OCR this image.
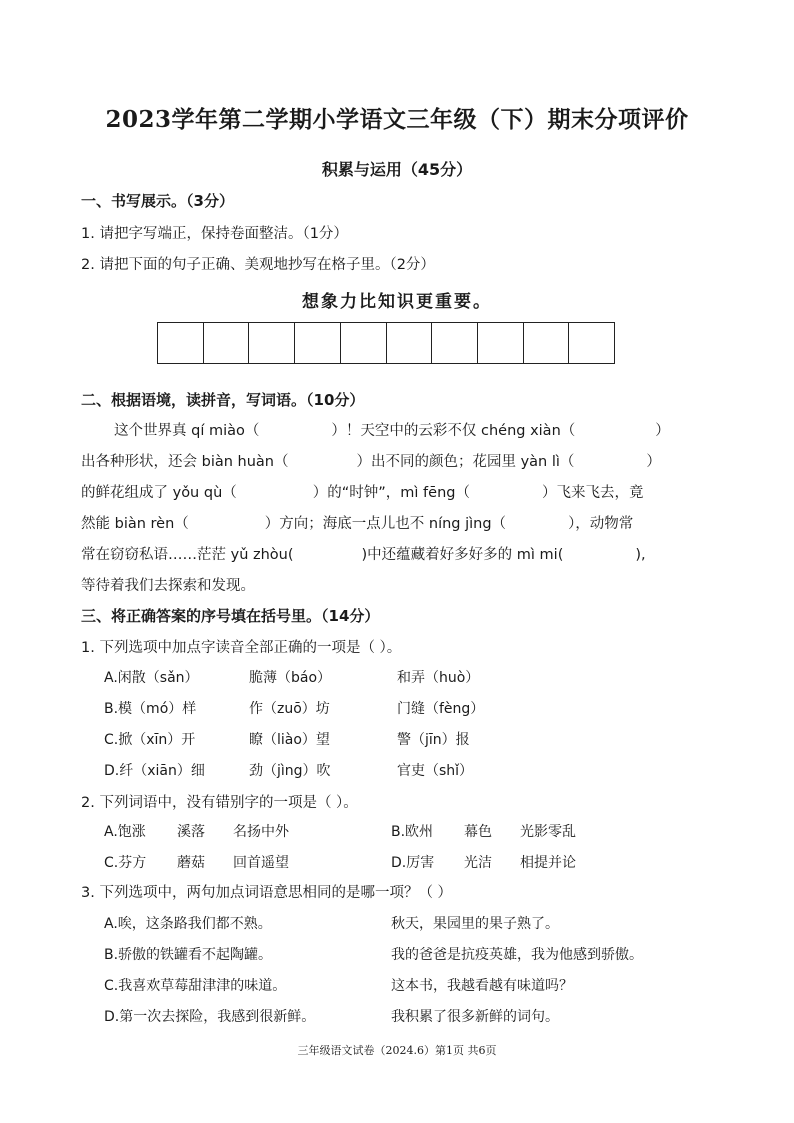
2023学年第二学期小学语文三年级（下）期末分项评价
积累与运用（45分）
一、书写展示。（3分）
1. 请把字写端正，保持卷面整洁。（1分）
2. 请把下面的句子正确、美观地抄写在格子里。（2分）
想象力比知识更重要。
二、根据语境，读拼音，写词语。（10分）
这个世界真 qí miào（	）！天空中的云彩不仅 chéng xiàn（	）
出各种形状，还会 biàn huàn（	）出不同的颜色；花园里 yàn lì（	）
的鲜花组成了 yǒu qù（	）的“时钟”，mì fēng（	）飞来飞去，竟
然能 biàn rèn（	）方向；海底一点儿也不 níng jìng（	），动物常
常在窃窃私语……茫茫 yǔ zhòu(	)中还蕴藏着好多好多的 mì mi(	),
等待着我们去探索和发现。
三、将正确答案的序号填在括号里。（14分）
1. 下列选项中加点字读音全部正确的一项是（ ）。
A.闲散（sǎn）	脆薄（báo）	和弄（huò）
B.模（mó）样	作（zuō）坊	门缝（fèng）
C.掀（xīn）开	瞭（liào）望	警（jīn）报
D.纤（xiān）细	劲（jìng）吹	官吏（shǐ）
2. 下列词语中，没有错别字的一项是（ ）。
A.饱涨 溪落 名扬中外	B.欧州 幕色 光影零乱
C.芬方 蘑菇 回首遥望	D.厉害 光洁 相提并论
3. 下列选项中，两句加点词语意思相同的是哪一项？（ ）
A.唉，这条路我们都不熟。	秋天，果园里的果子熟了。
B.骄傲的铁罐看不起陶罐。	我的爸爸是抗疫英雄，我为他感到骄傲。
C.我喜欢草莓甜津津的味道。	这本书，我越看越有味道吗？
D.第一次去探险，我感到很新鲜。	我积累了很多新鲜的词句。
三年级语文试卷（2024.6）第1页 共6页
